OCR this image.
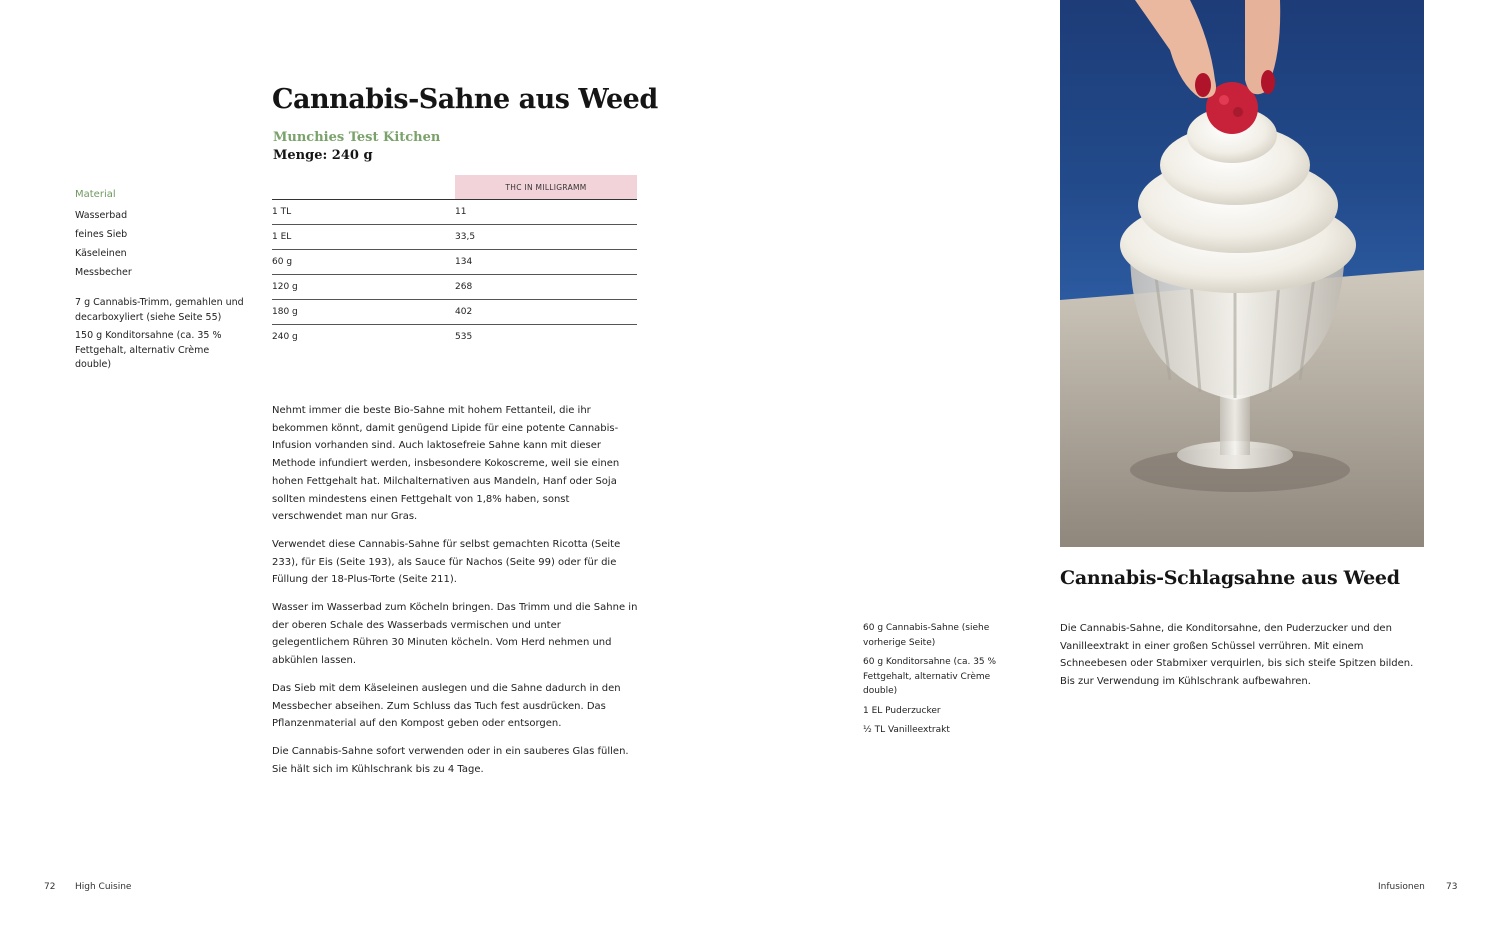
Cannabis-Sahne aus Weed
Munchies Test Kitchen
Menge: 240 g
Material
Wasserbad
feines Sieb
Käseleinen
Messbecher
7 g Cannabis-Trimm, gemahlen und decarboxyliert (siehe Seite 55)
150 g Konditorsahne (ca. 35 % Fettgehalt, alternativ Crème double)
	THC IN MILLIGRAMM
1 TL	11
1 EL	33,5
60 g	134
120 g	268
180 g	402
240 g	535

Nehmt immer die beste Bio-Sahne mit hohem Fettanteil, die ihr bekommen könnt, damit genügend Lipide für eine potente Cannabis-Infusion vorhanden sind. Auch laktosefreie Sahne kann mit dieser Methode infundiert werden, insbesondere Kokoscreme, weil sie einen hohen Fettgehalt hat. Milchalternativen aus Mandeln, Hanf oder Soja sollten mindestens einen Fettgehalt von 1,8% haben, sonst verschwendet man nur Gras.

Verwendet diese Cannabis-Sahne für selbst gemachten Ricotta (Seite 233), für Eis (Seite 193), als Sauce für Nachos (Seite 99) oder für die Füllung der 18-Plus-Torte (Seite 211).

Wasser im Wasserbad zum Köcheln bringen. Das Trimm und die Sahne in der oberen Schale des Wasserbads vermischen und unter gelegentlichem Rühren 30 Minuten köcheln. Vom Herd nehmen und abkühlen lassen.

Das Sieb mit dem Käseleinen auslegen und die Sahne dadurch in den Messbecher abseihen. Zum Schluss das Tuch fest ausdrücken. Das Pflanzenmaterial auf den Kompost geben oder entsorgen.

Die Cannabis-Sahne sofort verwenden oder in ein sauberes Glas füllen. Sie hält sich im Kühlschrank bis zu 4 Tage.

72 High Cuisine
Cannabis-Schlagsahne aus Weed
60 g Cannabis-Sahne (siehe vorherige Seite)
60 g Konditorsahne (ca. 35 % Fettgehalt, alternativ Crème double)
1 EL Puderzucker
½ TL Vanilleextrakt

Die Cannabis-Sahne, die Konditorsahne, den Puderzucker und den Vanilleextrakt in einer großen Schüssel verrühren. Mit einem Schneebesen oder Stabmixer verquirlen, bis sich steife Spitzen bilden. Bis zur Verwendung im Kühlschrank aufbewahren.

Infusionen 73
